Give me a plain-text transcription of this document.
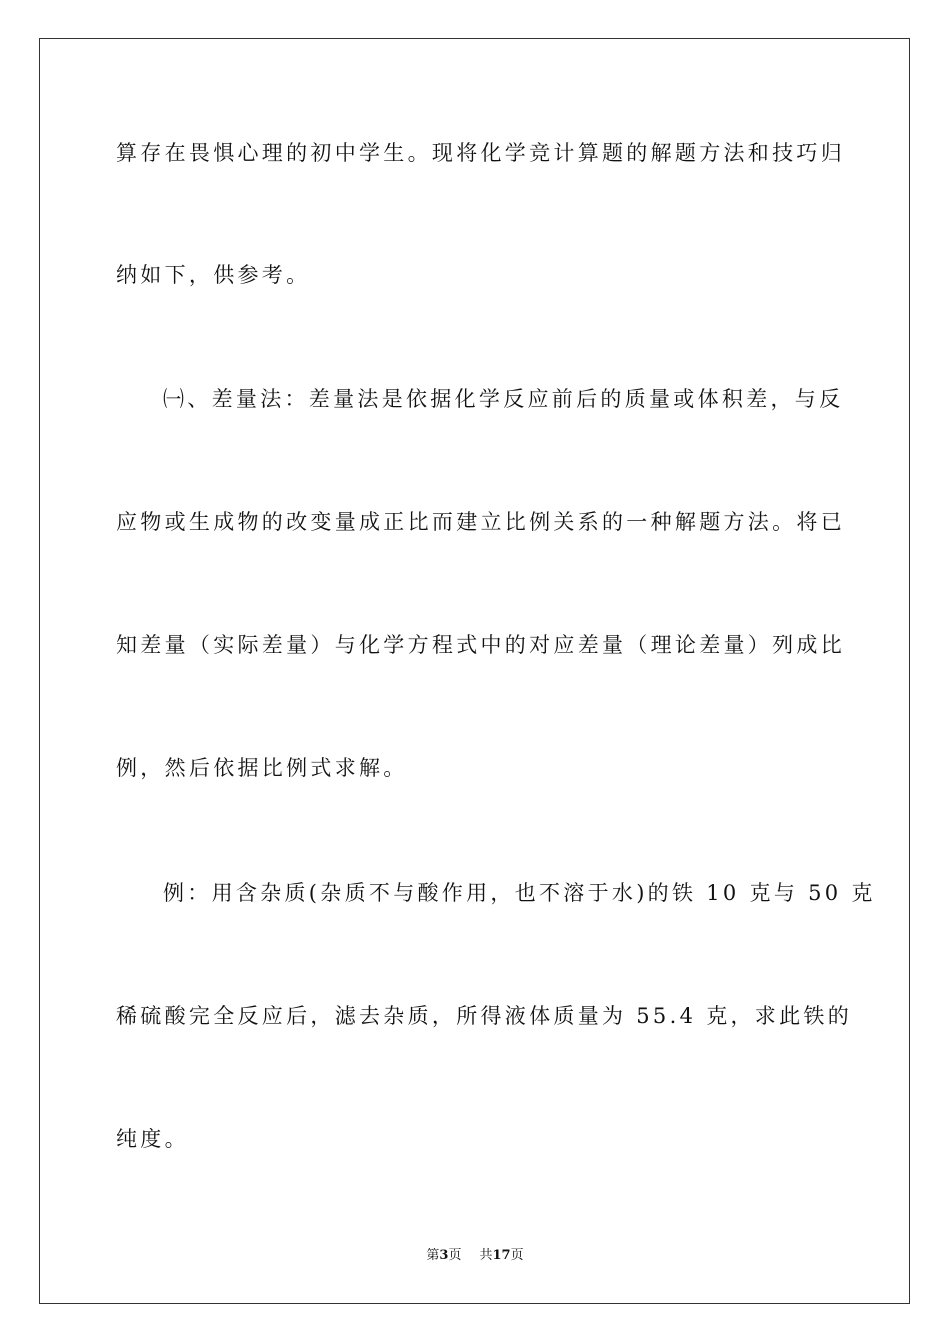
算存在畏惧心理的初中学生。现将化学竞计算题的解题方法和技巧归
纳如下，供参考。
㈠、差量法：差量法是依据化学反应前后的质量或体积差，与反
应物或生成物的改变量成正比而建立比例关系的一种解题方法。将已
知差量（实际差量）与化学方程式中的对应差量（理论差量）列成比
例，然后依据比例式求解。
例：用含杂质(杂质不与酸作用，也不溶于水)的铁 10 克与 50 克
稀硫酸完全反应后，滤去杂质，所得液体质量为 55.4 克，求此铁的
纯度。
第3页 共17页
